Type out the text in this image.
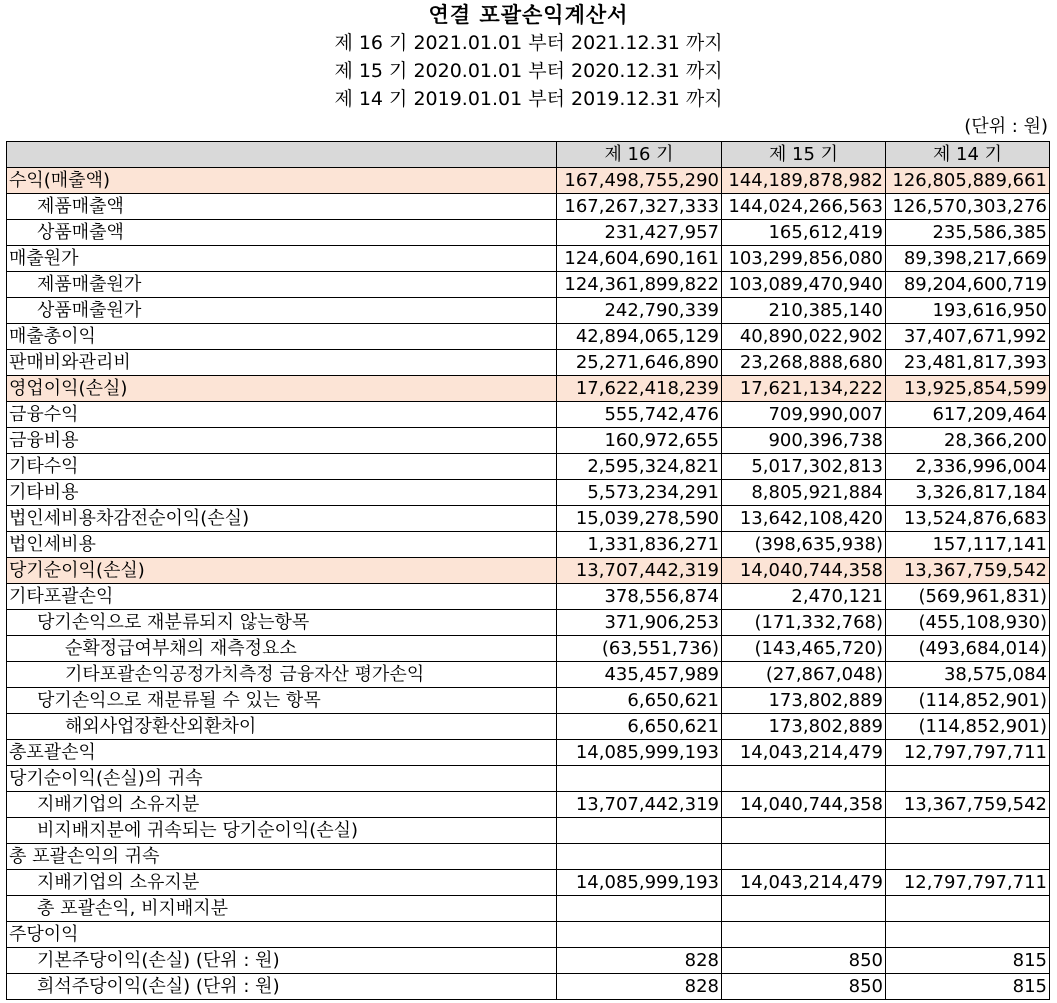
연결 포괄손익계산서
제 16 기 2021.01.01 부터 2021.12.31 까지
제 15 기 2020.01.01 부터 2020.12.31 까지
제 14 기 2019.01.01 부터 2019.12.31 까지
(단위 : 원)
	제 16 기	제 15 기	제 14 기
수익(매출액)	167,498,755,290	144,189,878,982	126,805,889,661
제품매출액	167,267,327,333	144,024,266,563	126,570,303,276
상품매출액	231,427,957	165,612,419	235,586,385
매출원가	124,604,690,161	103,299,856,080	89,398,217,669
제품매출원가	124,361,899,822	103,089,470,940	89,204,600,719
상품매출원가	242,790,339	210,385,140	193,616,950
매출총이익	42,894,065,129	40,890,022,902	37,407,671,992
판매비와관리비	25,271,646,890	23,268,888,680	23,481,817,393
영업이익(손실)	17,622,418,239	17,621,134,222	13,925,854,599
금융수익	555,742,476	709,990,007	617,209,464
금융비용	160,972,655	900,396,738	28,366,200
기타수익	2,595,324,821	5,017,302,813	2,336,996,004
기타비용	5,573,234,291	8,805,921,884	3,326,817,184
법인세비용차감전순이익(손실)	15,039,278,590	13,642,108,420	13,524,876,683
법인세비용	1,331,836,271	(398,635,938)	157,117,141
당기순이익(손실)	13,707,442,319	14,040,744,358	13,367,759,542
기타포괄손익	378,556,874	2,470,121	(569,961,831)
당기손익으로 재분류되지 않는항목	371,906,253	(171,332,768)	(455,108,930)
순확정급여부채의 재측정요소	(63,551,736)	(143,465,720)	(493,684,014)
기타포괄손익공정가치측정 금융자산 평가손익	435,457,989	(27,867,048)	38,575,084
당기손익으로 재분류될 수 있는 항목	6,650,621	173,802,889	(114,852,901)
해외사업장환산외환차이	6,650,621	173,802,889	(114,852,901)
총포괄손익	14,085,999,193	14,043,214,479	12,797,797,711
당기순이익(손실)의 귀속			
지배기업의 소유지분	13,707,442,319	14,040,744,358	13,367,759,542
비지배지분에 귀속되는 당기순이익(손실)			
총 포괄손익의 귀속			
지배기업의 소유지분	14,085,999,193	14,043,214,479	12,797,797,711
총 포괄손익, 비지배지분			
주당이익			
기본주당이익(손실) (단위 : 원)	828	850	815
희석주당이익(손실) (단위 : 원)	828	850	815
